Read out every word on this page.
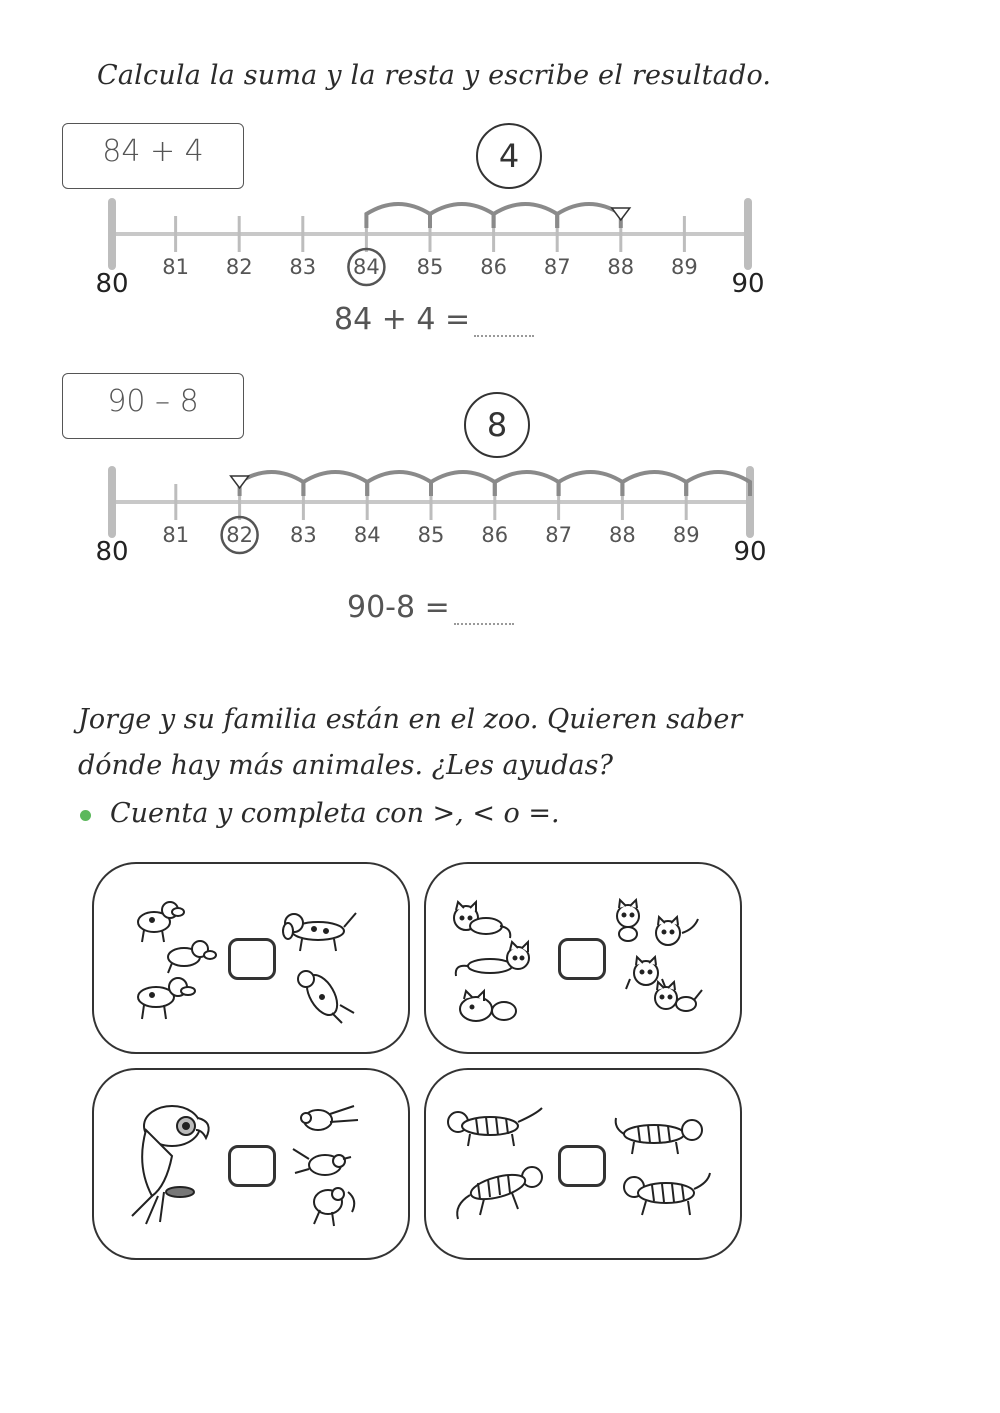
Calcula la suma y la resta y escribe el resultado.
84 + 4	4
80	90
81 82 83 84 85 86 87 88 89
84 + 4 =
90 – 8
8
80	90
81 82 83 84 85 86 87 88 89
90-8 =
Jorge y su familia están en el zoo. Quieren saber
dónde hay más animales. ¿Les ayudas?
Cuenta y completa con >, < o =.
